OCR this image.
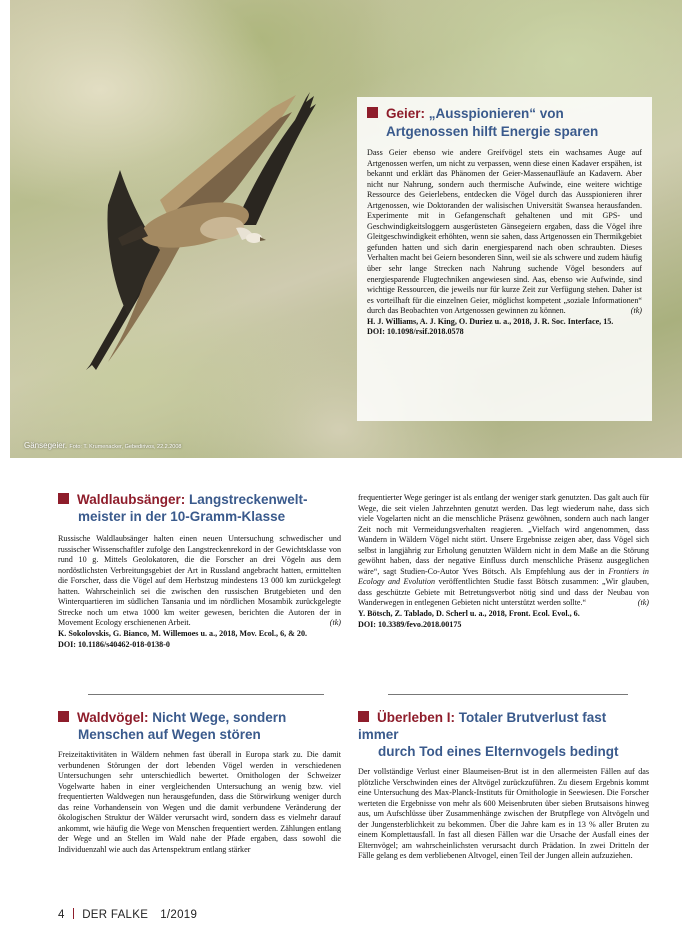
Gänsegeier. Foto: T. Krumenacker, Gebedirivos, 22.2.2008
Geier: „Ausspionieren“ von
Artgenossen hilft Energie sparen

Dass Geier ebenso wie andere Greifvögel stets ein wachsames Auge auf Artgenossen werfen, um nicht zu verpassen, wenn diese einen Kadaver erspähen, ist bekannt und erklärt das Phänomen der Geier-Massenaufläufe an Kadavern. Aber nicht nur Nahrung, sondern auch thermische Aufwinde, eine weitere wichtige Ressource des Geierlebens, entdecken die Vögel durch das Ausspionieren ihrer Artgenossen, wie Doktoranden der walisischen Universität Swansea herausfanden. Experimente mit in Gefangenschaft gehaltenen und mit GPS- und Geschwindigkeitsloggern ausgerüsteten Gänsegeiern ergaben, dass die Vögel ihre Gleitgeschwindigkeit erhöhten, wenn sie sahen, dass Artgenossen ein Thermikgebiet gefunden hatten und sich darin energiesparend nach oben schraubten. Dieses Verhalten macht bei Geiern besonderen Sinn, weil sie als schwere und zudem häufig über sehr lange Strecken nach Nahrung suchende Vögel besonders auf energiesparende Flugtechniken angewiesen sind. Aas, ebenso wie Aufwinde, sind wichtige Ressourcen, die jeweils nur für kurze Zeit zur Verfügung stehen. Daher ist es vorteilhaft für die einzelnen Geier, möglichst kompetent „soziale Informationen“ durch das Beobachten von Artgenossen gewinnen zu können.	(tk)

H. J. Williams, A. J. King, O. Duriez u. a., 2018, J. R. Soc. Interface, 15.
DOI: 10.1098/rsif.2018.0578
Waldlaubsänger: Langstreckenwelt-
meister in der 10-Gramm-Klasse

Russische Waldlaubsänger halten einen neuen Untersuchung schwedischer und russischer Wissenschaftler zufolge den Langstreckenrekord in der Gewichtsklasse von rund 10 g. Mittels Geolokatoren, die die Forscher an drei Vögeln aus dem nordöstlichsten Verbreitungsgebiet der Art in Russland angebracht hatten, ermittelten die Forscher, dass die Vögel auf dem Herbstzug mindestens 13 000 km zurückgelegt hatten. Wahrscheinlich sei die zwischen den russischen Brutgebieten und den Winterquartieren im südlichen Tansania und im nördlichen Mosambik zurückgelegte Strecke noch um etwa 1000 km weiter gewesen, berichten die Autoren der in Movement Ecology erschienenen Arbeit.	(tk)

K. Sokolovskis, G. Bianco, M. Willemoes u. a., 2018, Mov. Ecol., 6, & 20.
DOI: 10.1186/s40462-018-0138-0
Waldvögel: Nicht Wege, sondern
Menschen auf Wegen stören

Freizeitaktivitäten in Wäldern nehmen fast überall in Europa stark zu. Die damit verbundenen Störungen der dort lebenden Vögel werden in verschiedenen Untersuchungen sehr unterschiedlich bewertet. Ornithologen der Schweizer Vogelwarte haben in einer vergleichenden Untersuchung an wenig bzw. viel frequentierten Waldwegen nun herausgefunden, dass die Störwirkung weniger durch das reine Vorhandensein von Wegen und die damit verbundene Veränderung der ökologischen Struktur der Wälder verursacht wird, sondern dass es vielmehr darauf ankommt, wie häufig die Wege von Menschen frequentiert werden. Zählungen entlang der Wege und an Stellen im Wald nahe der Pfade ergaben, dass sowohl die Individuenzahl wie auch das Artenspektrum entlang stärker

frequentierter Wege geringer ist als entlang der weniger stark genutzten. Das galt auch für Wege, die seit vielen Jahrzehnten genutzt werden. Das legt wiederum nahe, dass sich viele Vogelarten nicht an die menschliche Präsenz gewöhnen, sondern auch nach langer Zeit noch mit Vermeidungsverhalten reagieren. „Vielfach wird angenommen, dass Wandern in Wäldern Vögel nicht stört. Unsere Ergebnisse zeigen aber, dass Vögel sich selbst in langjährig zur Erholung genutzten Wäldern nicht in dem Maße an die Störung gewöhnt haben, dass der negative Einfluss durch menschliche Präsenz ausgeglichen wäre“, sagt Studien-Co-Autor Yves Bötsch. Als Empfehlung aus der in Frontiers in Ecology and Evolution veröffentlichten Studie fasst Bötsch zusammen: „Wir glauben, dass geschützte Gebiete mit Betretungsverbot nötig sind und dass der Neubau von Wanderwegen in entlegenen Gebieten nicht unterstützt werden sollte.“	(tk)

Y. Bötsch, Z. Tablado, D. Scherl u. a., 2018, Front. Ecol. Evol., 6.
DOI: 10.3389/fevo.2018.00175
Überleben I: Totaler Brutverlust fast immer
durch Tod eines Elternvogels bedingt

Der vollständige Verlust einer Blaumeisen-Brut ist in den allermeisten Fällen auf das plötzliche Verschwinden eines der Altvögel zurückzuführen. Zu diesem Ergebnis kommt eine Untersuchung des Max-Planck-Instituts für Ornithologie in Seewiesen. Die Forscher werteten die Ergebnisse von mehr als 600 Meisenbruten über sieben Brutsaisons hinweg aus, um Aufschlüsse über Zusammenhänge zwischen der Brutpflege von Altvögeln und der Jungensterblichkeit zu bekommen. Über die Jahre kam es in 13 % aller Bruten zu einem Komplettausfall. In fast all diesen Fällen war die Ursache der Ausfall eines der Elternvögel; am wahrscheinlichsten verursacht durch Prädation. In zwei Dritteln der Fälle gelang es dem verbliebenen Altvogel, einen Teil der Jungen allein aufzuziehen.

4 DER FALKE 1/2019
